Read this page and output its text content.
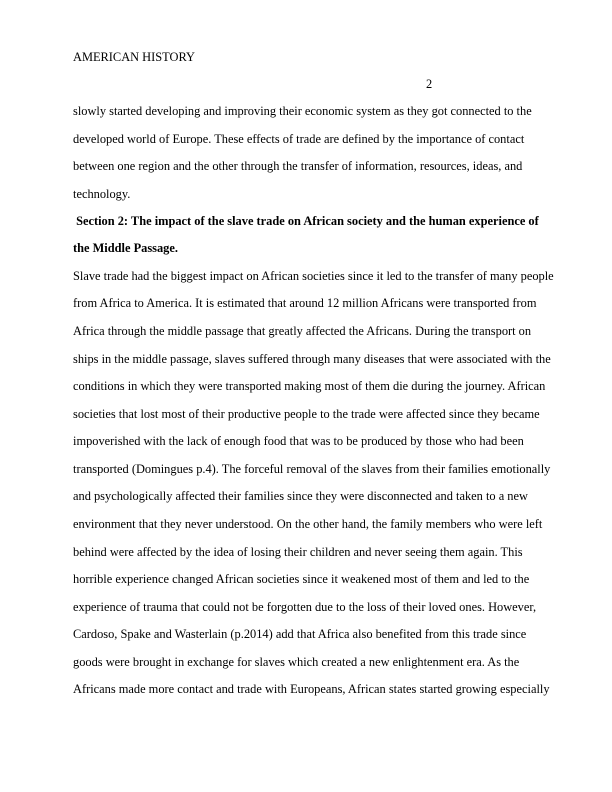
AMERICAN HISTORY
2
slowly started developing and improving their economic system as they got connected to the
developed world of Europe. These effects of trade are defined by the importance of contact
between one region and the other through the transfer of information, resources, ideas, and
technology.
Section 2: The impact of the slave trade on African society and the human experience of
the Middle Passage.
Slave trade had the biggest impact on African societies since it led to the transfer of many people
from Africa to America. It is estimated that around 12 million Africans were transported from
Africa through the middle passage that greatly affected the Africans. During the transport on
ships in the middle passage, slaves suffered through many diseases that were associated with the
conditions in which they were transported making most of them die during the journey. African
societies that lost most of their productive people to the trade were affected since they became
impoverished with the lack of enough food that was to be produced by those who had been
transported (Domingues p.4). The forceful removal of the slaves from their families emotionally
and psychologically affected their families since they were disconnected and taken to a new
environment that they never understood. On the other hand, the family members who were left
behind were affected by the idea of losing their children and never seeing them again. This
horrible experience changed African societies since it weakened most of them and led to the
experience of trauma that could not be forgotten due to the loss of their loved ones. However,
Cardoso, Spake and Wasterlain (p.2014) add that Africa also benefited from this trade since
goods were brought in exchange for slaves which created a new enlightenment era. As the
Africans made more contact and trade with Europeans, African states started growing especially
